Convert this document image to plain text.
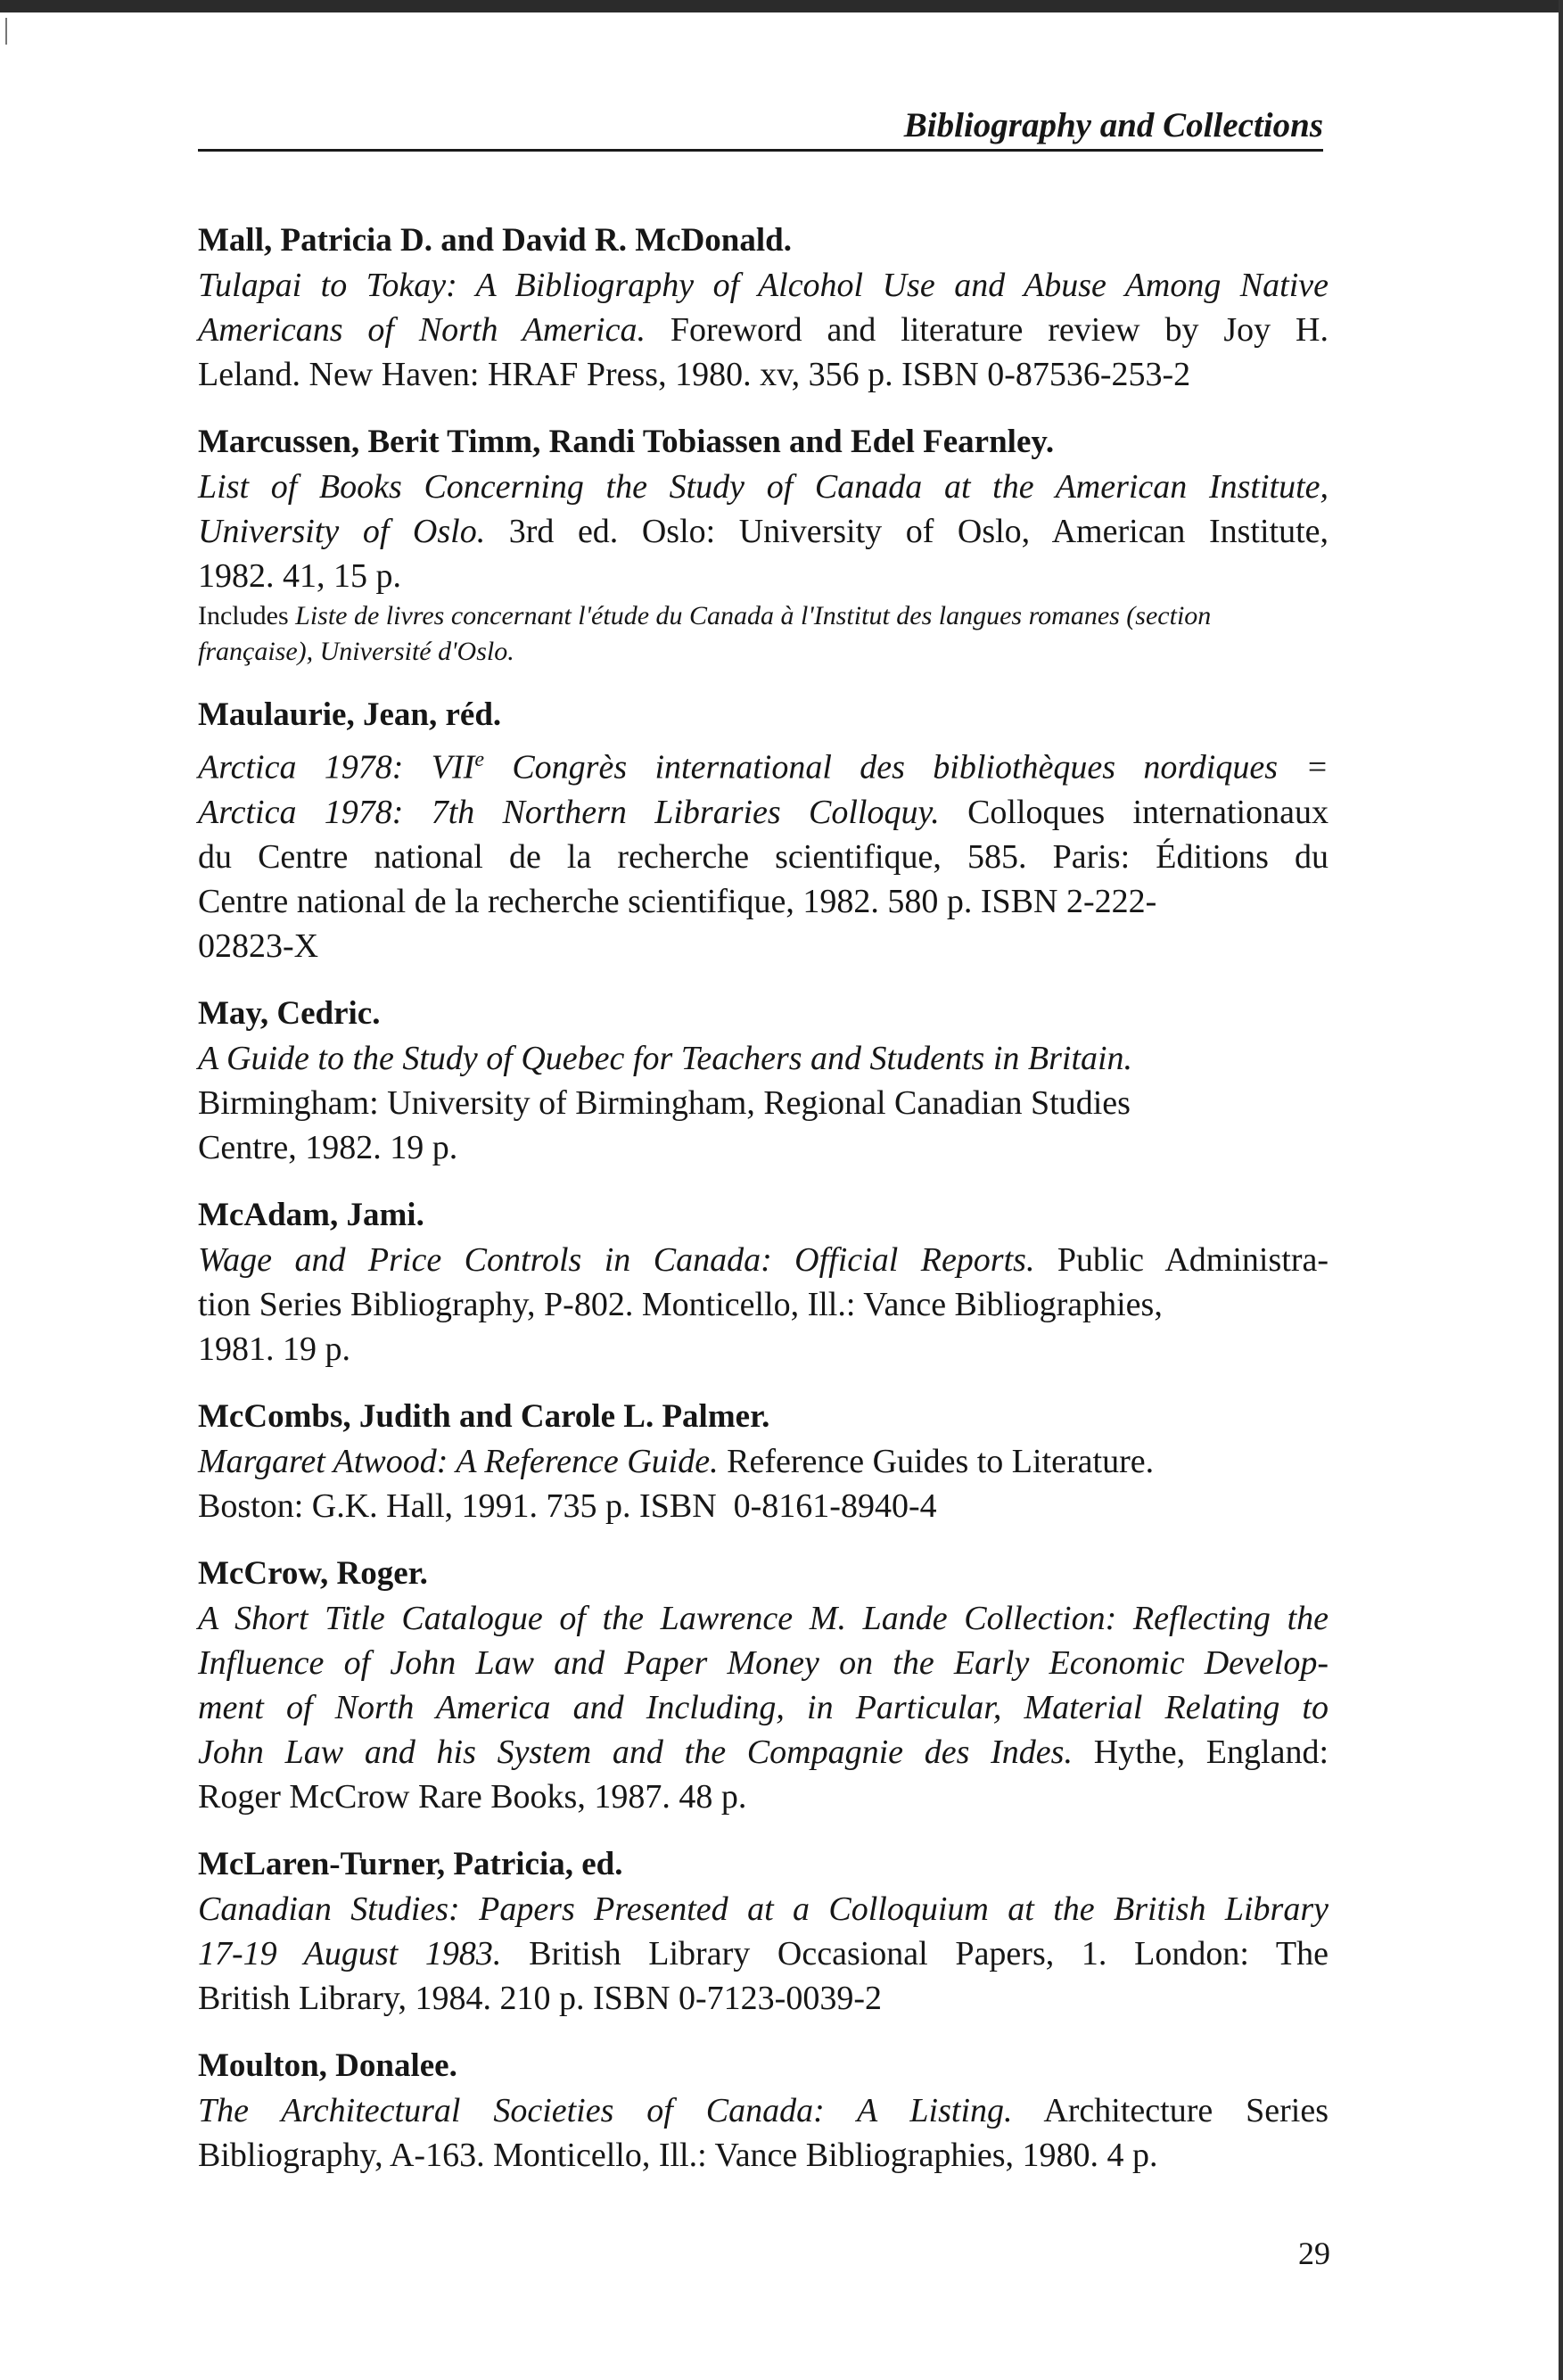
Bibliography and Collections
Mall, Patricia D. and David R. McDonald.
Tulapai to Tokay: A Bibliography of Alcohol Use and Abuse Among Native
Americans of North America. Foreword and literature review by Joy H.
Leland. New Haven: HRAF Press, 1980. xv, 356 p. ISBN 0-87536-253-2
Marcussen, Berit Timm, Randi Tobiassen and Edel Fearnley.
List of Books Concerning the Study of Canada at the American Institute,
University of Oslo. 3rd ed. Oslo: University of Oslo, American Institute,
1982. 41, 15 p.
Includes Liste de livres concernant l'étude du Canada à l'Institut des langues romanes (section
française), Université d'Oslo.
Maulaurie, Jean, réd.
Arctica 1978: VIIe Congrès international des bibliothèques nordiques =
Arctica 1978: 7th Northern Libraries Colloquy. Colloques internationaux
du Centre national de la recherche scientifique, 585. Paris: Éditions du
Centre national de la recherche scientifique, 1982. 580 p. ISBN 2-222-
02823-X
May, Cedric.
A Guide to the Study of Quebec for Teachers and Students in Britain.
Birmingham: University of Birmingham, Regional Canadian Studies
Centre, 1982. 19 p.
McAdam, Jami.
Wage and Price Controls in Canada: Official Reports. Public Administra-
tion Series Bibliography, P-802. Monticello, Ill.: Vance Bibliographies,
1981. 19 p.
McCombs, Judith and Carole L. Palmer.
Margaret Atwood: A Reference Guide. Reference Guides to Literature.
Boston: G.K. Hall, 1991. 735 p. ISBN  0-8161-8940-4
McCrow, Roger.
A Short Title Catalogue of the Lawrence M. Lande Collection: Reflecting the
Influence of John Law and Paper Money on the Early Economic Develop-
ment of North America and Including, in Particular, Material Relating to
John Law and his System and the Compagnie des Indes. Hythe, England:
Roger McCrow Rare Books, 1987. 48 p.
McLaren-Turner, Patricia, ed.
Canadian Studies: Papers Presented at a Colloquium at the British Library
17-19 August 1983. British Library Occasional Papers, 1. London: The
British Library, 1984. 210 p. ISBN 0-7123-0039-2
Moulton, Donalee.
The Architectural Societies of Canada: A Listing. Architecture Series
Bibliography, A-163. Monticello, Ill.: Vance Bibliographies, 1980. 4 p.
29
